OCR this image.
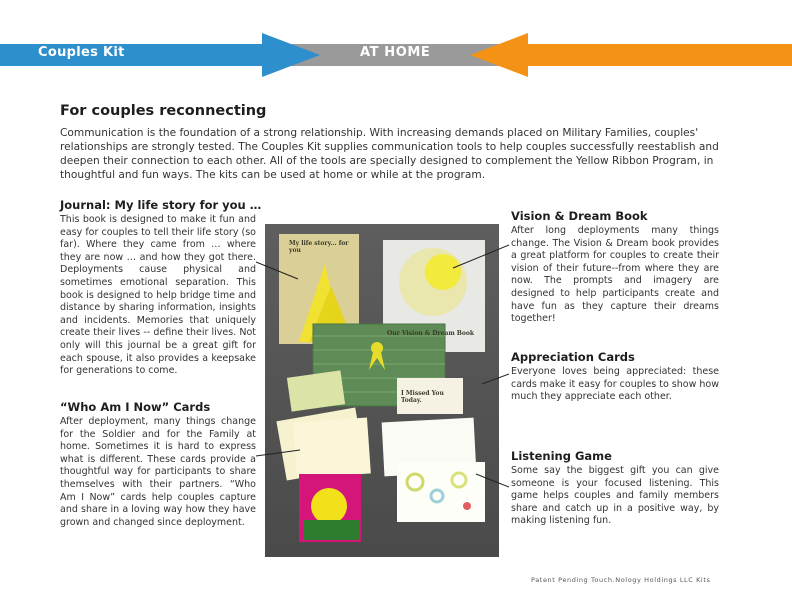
Couples Kit	AT HOME
For couples reconnecting

Communication is the foundation of a strong relationship. With increasing demands placed on Military Families, couples' relationships are strongly tested. The Couples Kit supplies communication tools to help couples successfully reestablish and deepen their connection to each other. All of the tools are specially designed to complement the Yellow Ribbon Program, in thoughtful and fun ways. The kits can be used at home or while at the program.

Journal: My life story for you …

This book is designed to make it fun and easy for couples to tell their life story (so far). Where they came from … where they are now … and how they got there. Deployments cause physical and sometimes emotional separation. This book is designed to help bridge time and distance by sharing information, insights and incidents. Memories that uniquely create their lives -- define their lives. Not only will this journal be a great gift for each spouse, it also provides a keepsake for generations to come.

“Who Am I Now” Cards

After deployment, many things change for the Soldier and for the Family at home. Sometimes it is hard to express what is different. These cards provide a thoughtful way for participants to share themselves with their partners. “Who Am I Now” cards help couples capture and share in a loving way how they have grown and changed since deployment.

Vision & Dream Book

After long deployments many things change. The Vision & Dream book provides a great platform for couples to create their vision of their future--from where they are now. The prompts and imagery are designed to help participants create and have fun as they capture their dreams together!

Appreciation Cards

Everyone loves being appreciated: these cards make it easy for couples to show how much they appreciate each other.

Listening Game

Some say the biggest gift you can give someone is your focused listening. This game helps couples and family members share and catch up in a positive way, by making listening fun.

My life story... for you
Our Vision & Dream Book
I Missed You Today.
Patent Pending Touch.Nology Holdings LLC Kits
